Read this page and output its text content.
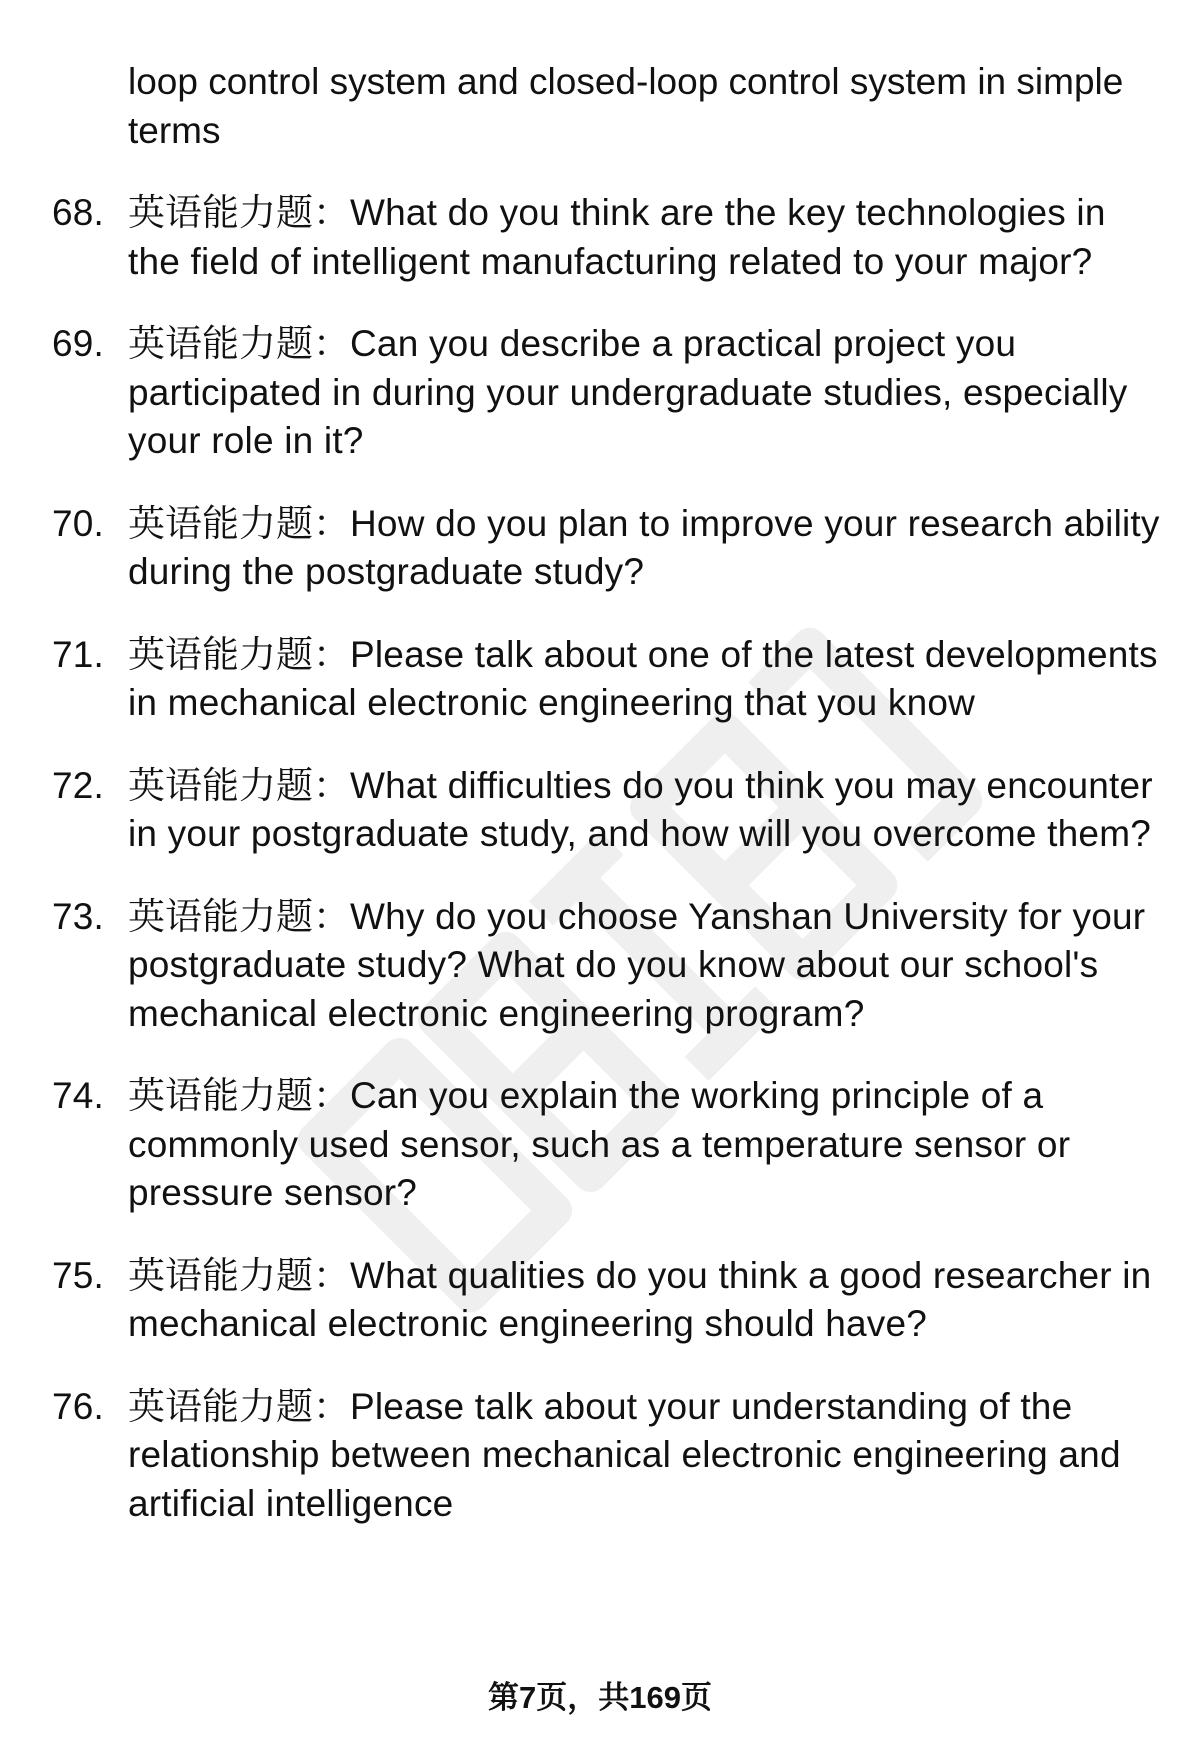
loop control system and closed-loop control system in simple terms
68. 英语能力题：What do you think are the key technologies in the field of intelligent manufacturing related to your major?
69. 英语能力题：Can you describe a practical project you participated in during your undergraduate studies, especially your role in it?
70. 英语能力题：How do you plan to improve your research ability during the postgraduate study?
71. 英语能力题：Please talk about one of the latest developments in mechanical electronic engineering that you know
72. 英语能力题：What difficulties do you think you may encounter in your postgraduate study, and how will you overcome them?
73. 英语能力题：Why do you choose Yanshan University for your postgraduate study? What do you know about our school's mechanical electronic engineering program?
74. 英语能力题：Can you explain the working principle of a commonly used sensor, such as a temperature sensor or pressure sensor?
75. 英语能力题：What qualities do you think a good researcher in mechanical electronic engineering should have?
76. 英语能力题：Please talk about your understanding of the relationship between mechanical electronic engineering and artificial intelligence
第7页，共169页
